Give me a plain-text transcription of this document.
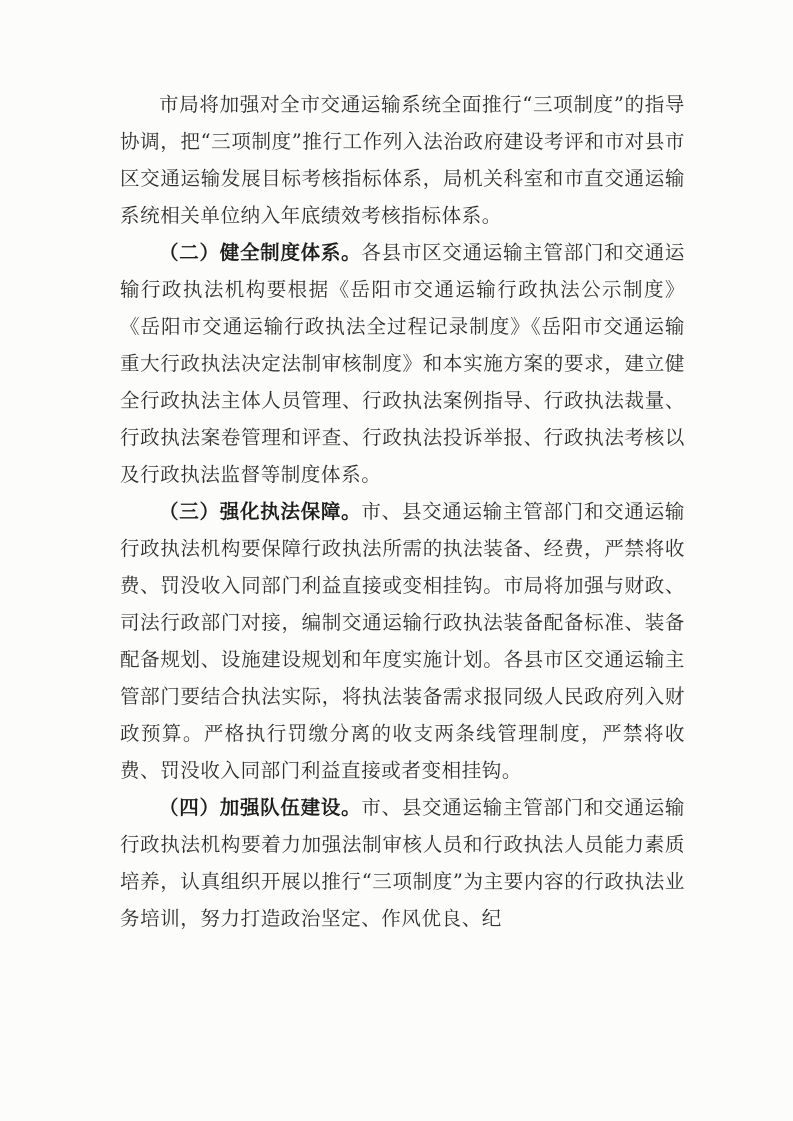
市局将加强对全市交通运输系统全面推行“三项制度”的指导协调，把“三项制度”推行工作列入法治政府建设考评和市对县市区交通运输发展目标考核指标体系，局机关科室和市直交通运输系统相关单位纳入年底绩效考核指标体系。

（二）健全制度体系。各县市区交通运输主管部门和交通运输行政执法机构要根据《岳阳市交通运输行政执法公示制度》《岳阳市交通运输行政执法全过程记录制度》《岳阳市交通运输重大行政执法决定法制审核制度》和本实施方案的要求，建立健全行政执法主体人员管理、行政执法案例指导、行政执法裁量、行政执法案卷管理和评查、行政执法投诉举报、行政执法考核以及行政执法监督等制度体系。

（三）强化执法保障。市、县交通运输主管部门和交通运输行政执法机构要保障行政执法所需的执法装备、经费，严禁将收费、罚没收入同部门利益直接或变相挂钩。市局将加强与财政、司法行政部门对接，编制交通运输行政执法装备配备标准、装备配备规划、设施建设规划和年度实施计划。各县市区交通运输主管部门要结合执法实际，将执法装备需求报同级人民政府列入财政预算。严格执行罚缴分离的收支两条线管理制度，严禁将收费、罚没收入同部门利益直接或者变相挂钩。

（四）加强队伍建设。市、县交通运输主管部门和交通运输行政执法机构要着力加强法制审核人员和行政执法人员能力素质培养，认真组织开展以推行“三项制度”为主要内容的行政执法业务培训，努力打造政治坚定、作风优良、纪
